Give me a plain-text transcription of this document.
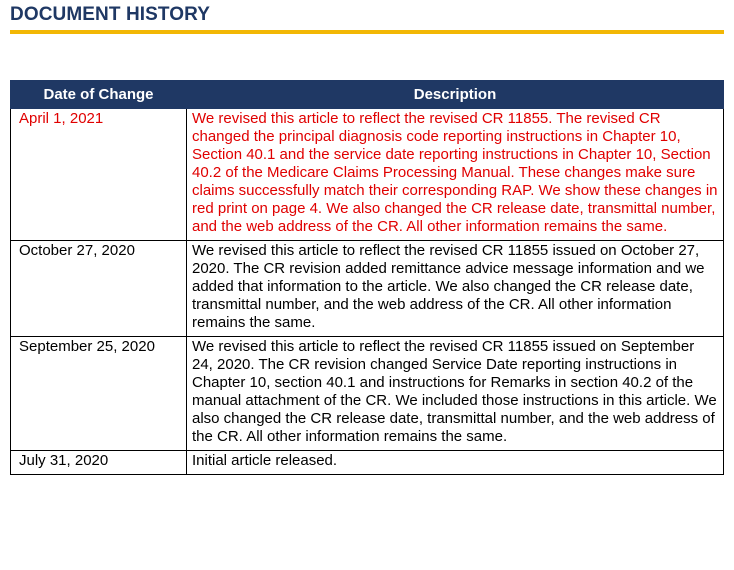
DOCUMENT HISTORY
Date of Change	Description
April 1, 2021	We revised this article to reflect the revised CR 11855. The revised CR changed the principal diagnosis code reporting instructions in Chapter 10, Section 40.1 and the service date reporting instructions in Chapter 10, Section 40.2 of the Medicare Claims Processing Manual. These changes make sure claims successfully match their corresponding RAP. We show these changes in red print on page 4. We also changed the CR release date, transmittal number, and the web address of the CR. All other information remains the same.
October 27, 2020	We revised this article to reflect the revised CR 11855 issued on October 27, 2020. The CR revision added remittance advice message information and we added that information to the article. We also changed the CR release date, transmittal number, and the web address of the CR. All other information remains the same.
September 25, 2020	We revised this article to reflect the revised CR 11855 issued on September 24, 2020. The CR revision changed Service Date reporting instructions in Chapter 10, section 40.1 and instructions for Remarks in section 40.2 of the manual attachment of the CR. We included those instructions in this article. We also changed the CR release date, transmittal number, and the web address of the CR. All other information remains the same.
July 31, 2020	Initial article released.
